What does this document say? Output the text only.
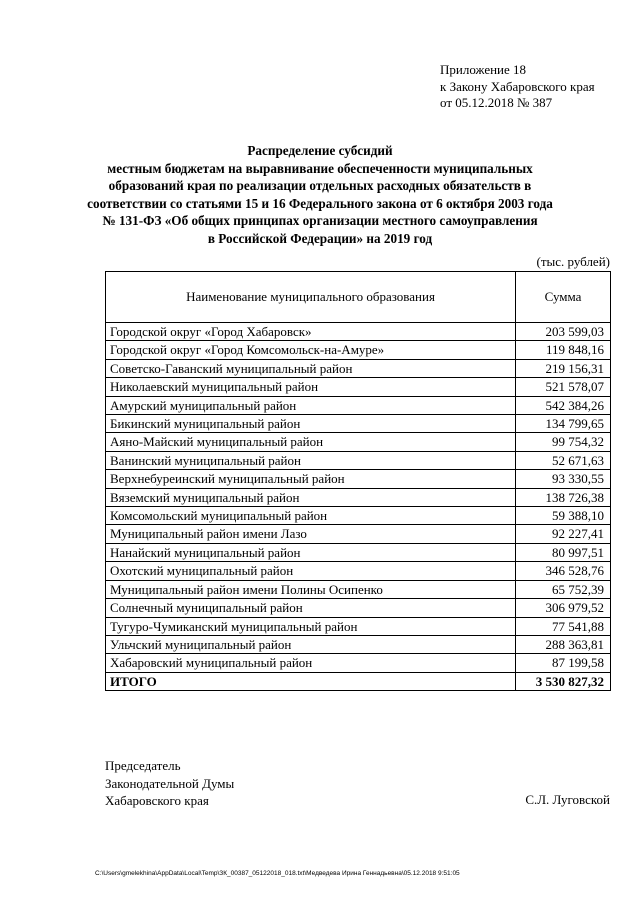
Приложение 18
к Закону Хабаровского края
от 05.12.2018 № 387
Распределение субсидий
местным бюджетам на выравнивание обеспеченности муниципальных
образований края по реализации отдельных расходных обязательств в
соответствии со статьями 15 и 16 Федерального закона от 6 октября 2003 года
№ 131-ФЗ «Об общих принципах организации местного самоуправления
в Российской Федерации» на 2019 год
(тыс. рублей)
Наименование муниципального образования	Сумма
Городской округ «Город Хабаровск»	203 599,03
Городской округ «Город Комсомольск-на-Амуре»	119 848,16
Советско-Гаванский муниципальный район	219 156,31
Николаевский муниципальный район	521 578,07
Амурский муниципальный район	542 384,26
Бикинский муниципальный район	134 799,65
Аяно-Майский муниципальный район	99 754,32
Ванинский муниципальный район	52 671,63
Верхнебуреинский муниципальный район	93 330,55
Вяземский муниципальный район	138 726,38
Комсомольский муниципальный район	59 388,10
Муниципальный район имени Лазо	92 227,41
Нанайский муниципальный район	80 997,51
Охотский муниципальный район	346 528,76
Муниципальный район имени Полины Осипенко	65 752,39
Солнечный муниципальный район	306 979,52
Тугуро-Чумиканский муниципальный район	77 541,88
Ульчский муниципальный район	288 363,81
Хабаровский муниципальный район	87 199,58
ИТОГО	3 530 827,32
Председатель
Законодательной Думы
Хабаровского края	С.Л. Луговской
C:\Users\gmelekhina\AppData\Local\Temp\ЗК_00387_05122018_018.txt\Медведева Ирина Геннадьевна\05.12.2018 9:51:05
